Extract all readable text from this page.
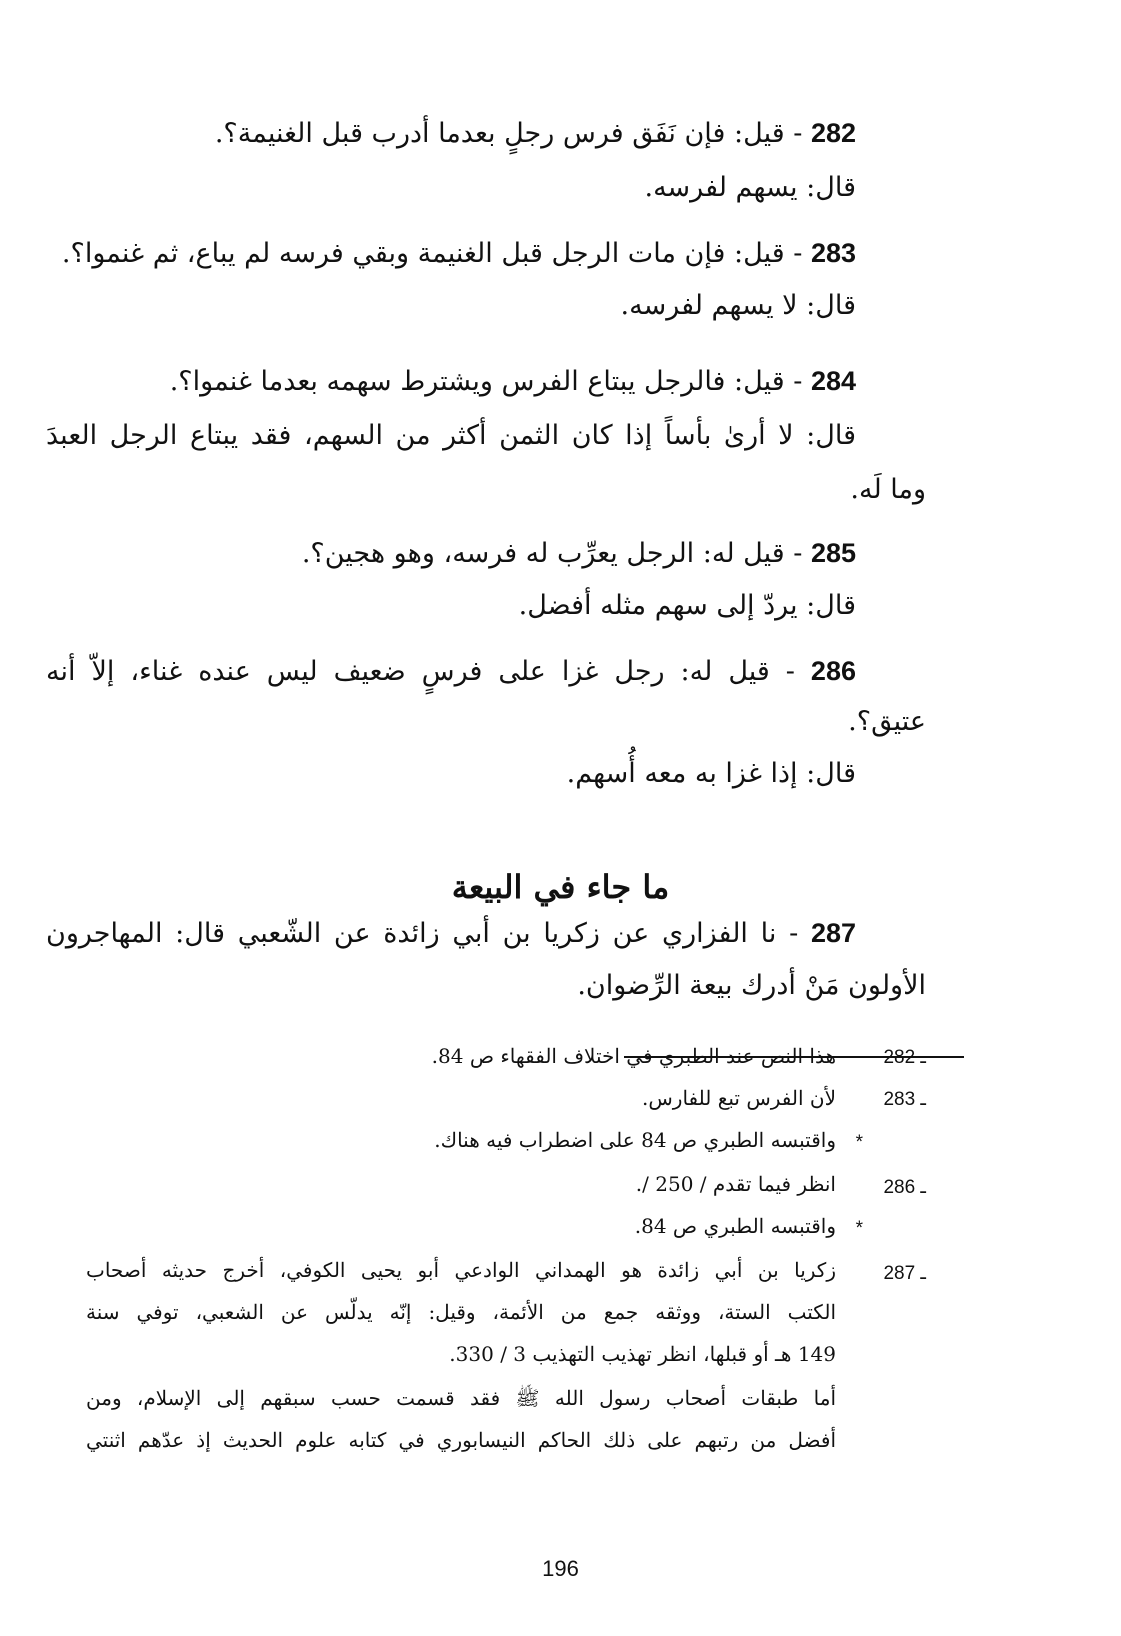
282 - قيل: فإن نَفَق فرس رجلٍ بعدما أدرب قبل الغنيمة؟.
قال: يسهم لفرسه.
283 - قيل: فإن مات الرجل قبل الغنيمة وبقي فرسه لم يباع، ثم غنموا؟.
قال: لا يسهم لفرسه.
284 - قيل: فالرجل يبتاع الفرس ويشترط سهمه بعدما غنموا؟.
قال: لا أرىٰ بأساً إذا كان الثمن أكثر من السهم، فقد يبتاع الرجل العبدَ
وما لَه.
285 - قيل له: الرجل يعرِّب له فرسه، وهو هجين؟.
قال: يردّ إلى سهم مثله أفضل.
286 - قيل له: رجل غزا على فرسٍ ضعيف ليس عنده غناء، إلاّ أنه
عتيق؟.
قال: إذا غزا به معه أُسهم.
ما جاء في البيعة
287 - نا الفزاري عن زكريا بن أبي زائدة عن الشّعبي قال: المهاجرون
الأولون مَنْ أدرك بيعة الرِّضوان.
282 ـ
هذا النص عند الطبري في اختلاف الفقهاء ص 84.
283 ـ
لأن الفرس تبع للفارس.
*
واقتبسه الطبري ص 84 على اضطراب فيه هناك.
286 ـ
انظر فيما تقدم / 250 /.
*
واقتبسه الطبري ص 84.
287 ـ
زكريا بن أبي زائدة هو الهمداني الوادعي أبو يحيى الكوفي، أخرج حديثه أصحاب
الكتب الستة، ووثقه جمع من الأئمة، وقيل: إنّه يدلّس عن الشعبي، توفي سنة
149 هـ أو قبلها، انظر تهذيب التهذيب 3 / 330.
أما طبقات أصحاب رسول الله ﷺ فقد قسمت حسب سبقهم إلى الإسلام، ومن
أفضل من رتبهم على ذلك الحاكم النيسابوري في كتابه علوم الحديث إذ عدّهم اثنتي
196
